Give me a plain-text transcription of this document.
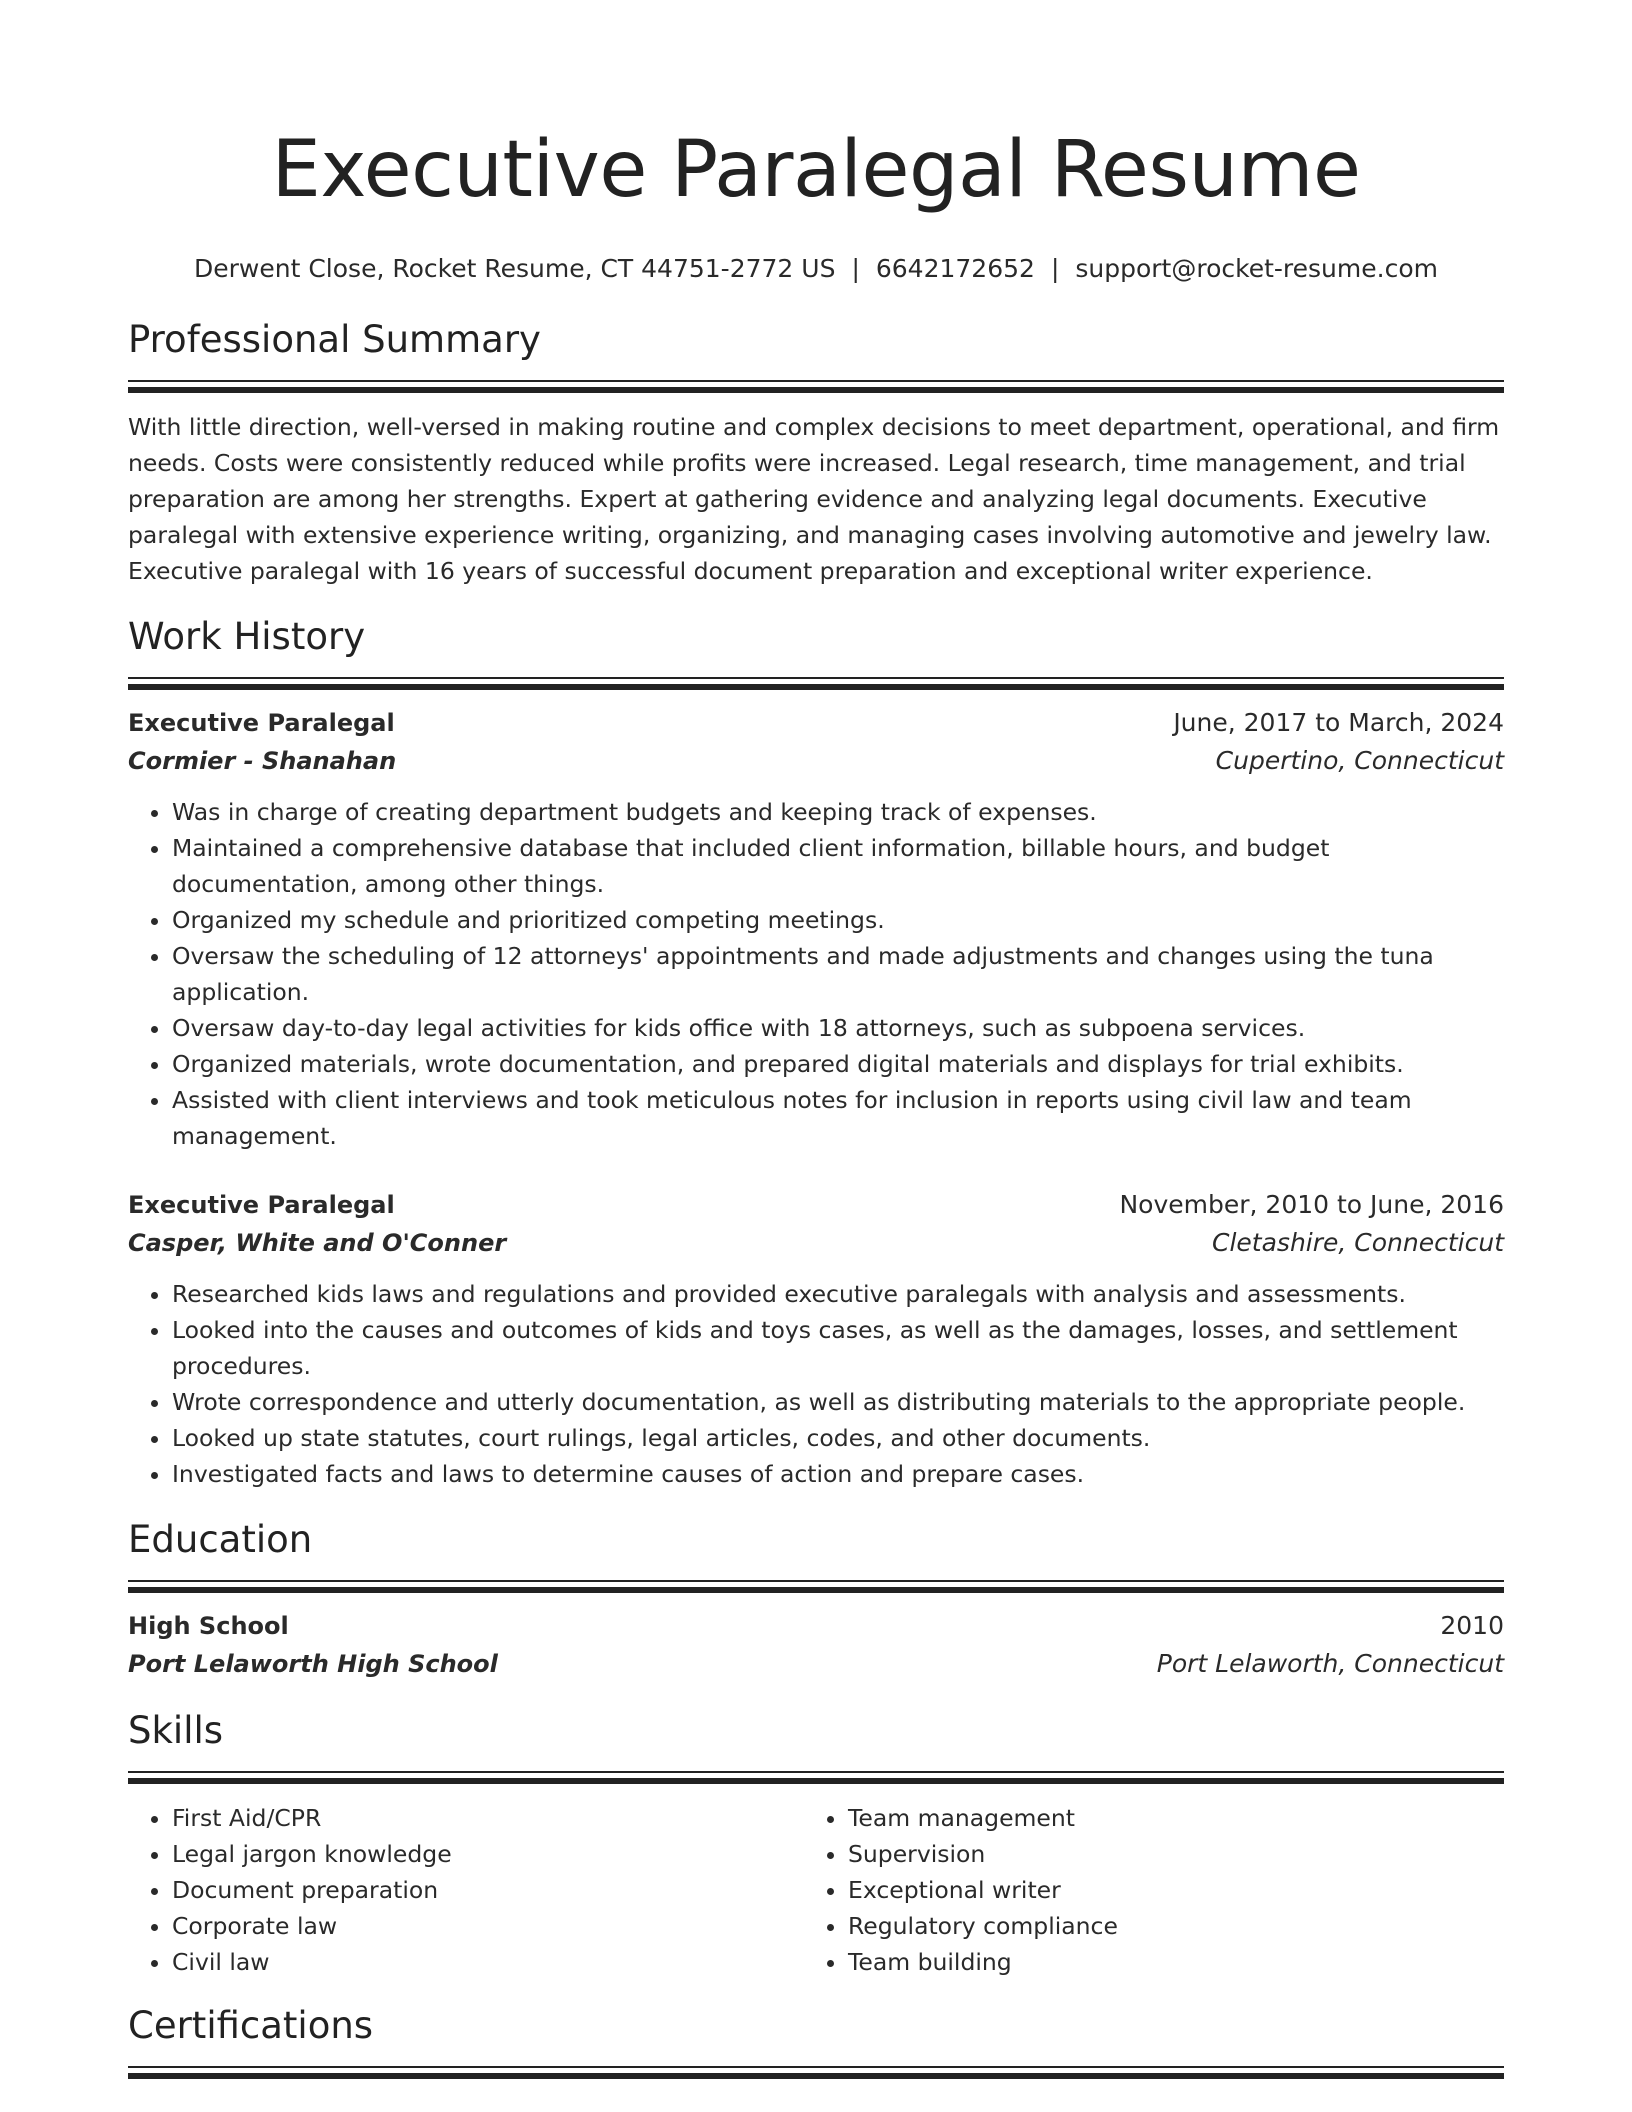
Executive Paralegal Resume
Derwent Close, Rocket Resume, CT 44751-2772 US | 6642172652 | support@rocket-resume.com
Professional Summary

With little direction, well-versed in making routine and complex decisions to meet department, operational, and firm needs. Costs were consistently reduced while profits were increased. Legal research, time management, and trial preparation are among her strengths. Expert at gathering evidence and analyzing legal documents. Executive paralegal with extensive experience writing, organizing, and managing cases involving automotive and jewelry law. Executive paralegal with 16 years of successful document preparation and exceptional writer experience.

Work History
Executive Paralegal	June, 2017 to March, 2024
Cormier - Shanahan	Cupertino, Connecticut
• Was in charge of creating department budgets and keeping track of expenses.
• Maintained a comprehensive database that included client information, billable hours, and budget documentation, among other things.
• Organized my schedule and prioritized competing meetings.
• Oversaw the scheduling of 12 attorneys' appointments and made adjustments and changes using the tuna application.
• Oversaw day-to-day legal activities for kids office with 18 attorneys, such as subpoena services.
• Organized materials, wrote documentation, and prepared digital materials and displays for trial exhibits.
• Assisted with client interviews and took meticulous notes for inclusion in reports using civil law and team management.
Executive Paralegal	November, 2010 to June, 2016
Casper, White and O'Conner	Cletashire, Connecticut
• Researched kids laws and regulations and provided executive paralegals with analysis and assessments.
• Looked into the causes and outcomes of kids and toys cases, as well as the damages, losses, and settlement procedures.
• Wrote correspondence and utterly documentation, as well as distributing materials to the appropriate people.
• Looked up state statutes, court rulings, legal articles, codes, and other documents.
• Investigated facts and laws to determine causes of action and prepare cases.
Education
High School	2010
Port Lelaworth High School	Port Lelaworth, Connecticut
Skills
• First Aid/CPR
• Legal jargon knowledge
• Document preparation
• Corporate law
• Civil law
• Team management
• Supervision
• Exceptional writer
• Regulatory compliance
• Team building
Certifications
